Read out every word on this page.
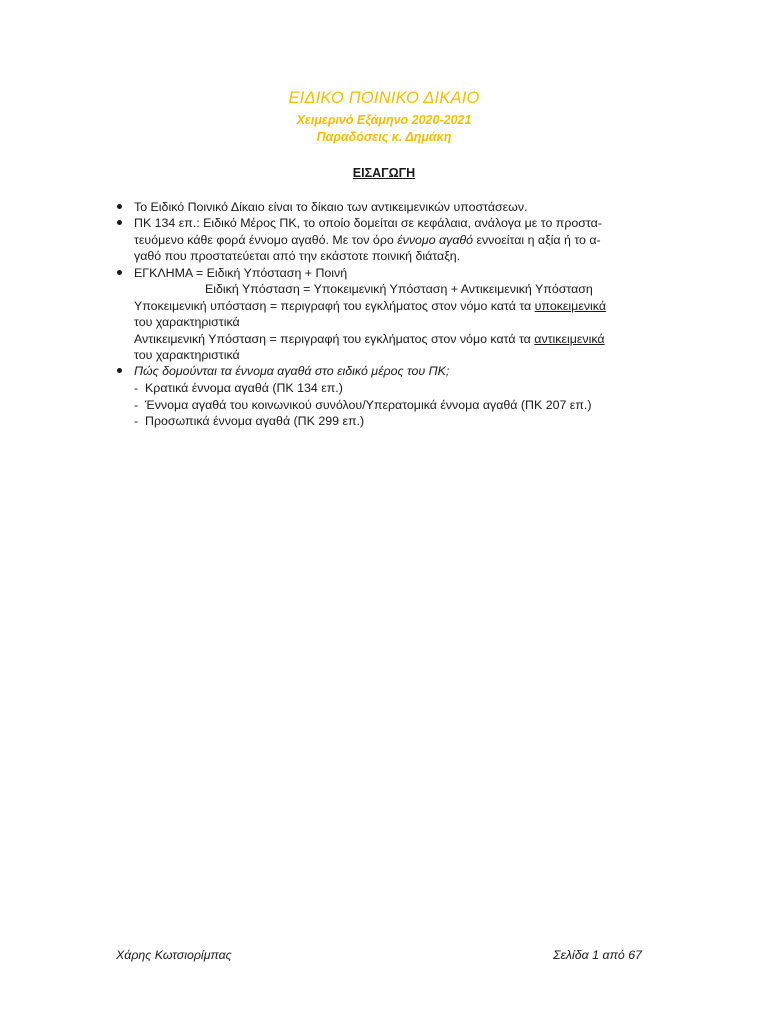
ΕΙΔΙΚΟ ΠΟΙΝΙΚΟ ΔΙΚΑΙΟ
Χειμερινό Εξάμηνο 2020-2021
Παραδόσεις κ. Δημάκη
ΕΙΣΑΓΩΓΗ
Το Ειδικό Ποινικό Δίκαιο είναι το δίκαιο των αντικειμενικών υποστάσεων.
ΠΚ 134 επ.: Ειδικό Μέρος ΠΚ, το οποίο δομείται σε κεφάλαια, ανάλογα με το προστα-
τευόμενο κάθε φορά έννομο αγαθό. Με τον όρο έννομο αγαθό εννοείται η αξία ή το α-
γαθό που προστατεύεται από την εκάστοτε ποινική διάταξη.
ΕΓΚΛΗΜΑ = Ειδική Υπόσταση + Ποινή
Ειδική Υπόσταση = Υποκειμενική Υπόσταση + Αντικειμενική Υπόσταση
Υποκειμενική υπόσταση = περιγραφή του εγκλήματος στον νόμο κατά τα υποκειμενικά
του χαρακτηριστικά
Αντικειμενική Υπόσταση = περιγραφή του εγκλήματος στον νόμο κατά τα αντικειμενικά
του χαρακτηριστικά
Πώς δομούνται τα έννομα αγαθά στο ειδικό μέρος του ΠΚ;
- Κρατικά έννομα αγαθά (ΠΚ 134 επ.)
- Έννομα αγαθά του κοινωνικού συνόλου/Υπερατομικά έννομα αγαθά (ΠΚ 207 επ.)
- Προσωπικά έννομα αγαθά (ΠΚ 299 επ.)
Χάρης Κωτσιορίμπας	Σελίδα 1 από 67
